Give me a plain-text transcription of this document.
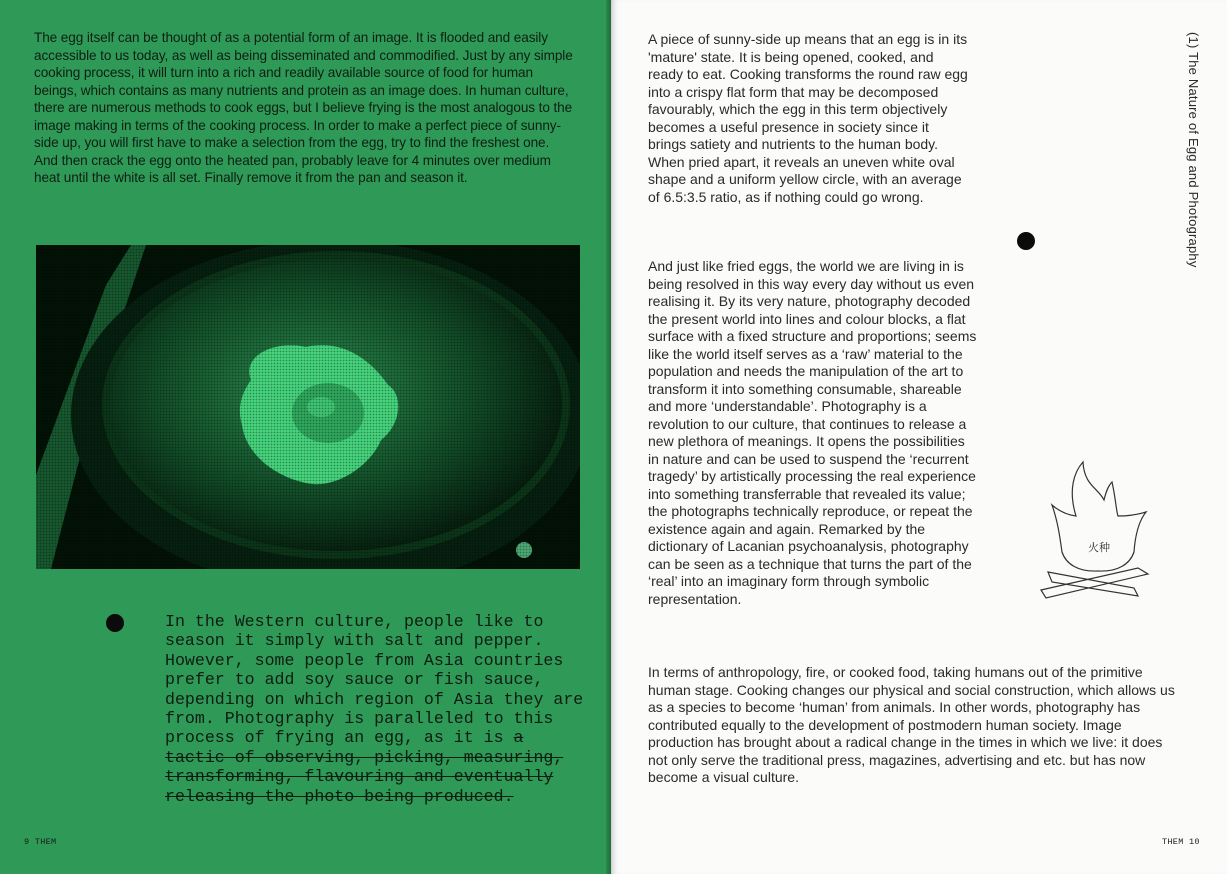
The egg itself can be thought of as a potential form of an image. It is flooded and easily accessible to us today, as well as being disseminated and commodified. Just by any simple cooking process, it will turn into a rich and readily available source of food for human beings, which contains as many nutrients and protein as an image does. In human culture, there are numerous methods to cook eggs, but I believe frying is the most analogous to the image making in terms of the cooking process. In order to make a perfect piece of sunny-side up, you will first have to make a selection from the egg, try to find the freshest one. And then crack the egg onto the heated pan, probably leave for 4 minutes over medium heat until the white is all set. Finally remove it from the pan and season it.

In the Western culture, people like to season it simply with salt and pepper. However, some people from Asia countries prefer to add soy sauce or fish sauce, depending on which region of Asia they are from. Photography is paralleled to this process of frying an egg, as it is a tactic of observing, picking, measuring, transforming, flavouring and eventually releasing the photo being produced.

9 THEM

A piece of sunny-side up means that an egg is in its 'mature' state. It is being opened, cooked, and ready to eat. Cooking transforms the round raw egg into a crispy flat form that may be decomposed favourably, which the egg in this term objectively becomes a useful presence in society since it brings satiety and nutrients to the human body. When pried apart, it reveals an uneven white oval shape and a uniform yellow circle, with an average of 6.5:3.5 ratio, as if nothing could go wrong.

And just like fried eggs, the world we are living in is being resolved in this way every day without us even realising it. By its very nature, photography decoded the present world into lines and colour blocks, a flat surface with a fixed structure and proportions; seems like the world itself serves as a ‘raw’ material to the population and needs the manipulation of the art to transform it into something consumable, shareable and more ‘understandable’. Photography is a revolution to our culture, that continues to release a new plethora of meanings. It opens the possibilities in nature and can be used to suspend the ‘recurrent tragedy’ by artistically processing the real experience into something transferrable that revealed its value; the photographs technically reproduce, or repeat the existence again and again. Remarked by the dictionary of Lacanian psychoanalysis, photography can be seen as a technique that turns the part of the ‘real’ into an imaginary form through symbolic representation.

火种

In terms of anthropology, fire, or cooked food, taking humans out of the primitive human stage. Cooking changes our physical and social construction, which allows us as a species to become ‘human’ from animals. In other words, photography has contributed equally to the development of postmodern human society. Image production has brought about a radical change in the times in which we live: it does not only serve the traditional press, magazines, advertising and etc. but has now become a visual culture.

(1) The Nature of Egg and Photography
THEM 10
